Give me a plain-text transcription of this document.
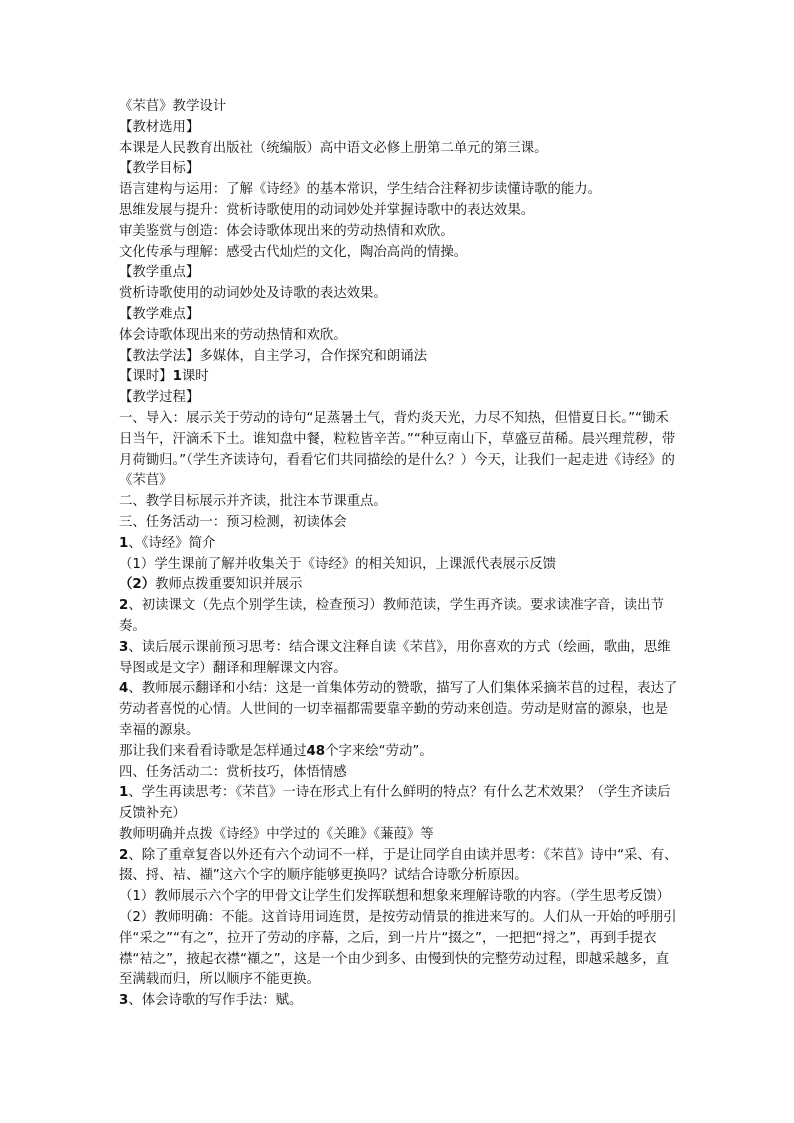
《芣苢》教学设计

【教材选用】

本课是人民教育出版社（统编版）高中语文必修上册第二单元的第三课。

【教学目标】

语言建构与运用：了解《诗经》的基本常识，学生结合注释初步读懂诗歌的能力。

思维发展与提升：赏析诗歌使用的动词妙处并掌握诗歌中的表达效果。

审美鉴赏与创造：体会诗歌体现出来的劳动热情和欢欣。

文化传承与理解：感受古代灿烂的文化，陶冶高尚的情操。

【教学重点】

赏析诗歌使用的动词妙处及诗歌的表达效果。

【教学难点】

体会诗歌体现出来的劳动热情和欢欣。

【教法学法】多媒体，自主学习，合作探究和朗诵法

【课时】1课时

【教学过程】

一、导入：展示关于劳动的诗句“足蒸暑土气，背灼炎天光，力尽不知热，但惜夏日长。”“锄禾日当午，汗滴禾下土。谁知盘中餐，粒粒皆辛苦。”“种豆南山下，草盛豆苗稀。晨兴理荒秽，带月荷锄归。”（学生齐读诗句，看看它们共同描绘的是什么？）今天，让我们一起走进《诗经》的《芣苢》

二、教学目标展示并齐读，批注本节课重点。

三、任务活动一：预习检测，初读体会

1、《诗经》简介

（1）学生课前了解并收集关于《诗经》的相关知识，上课派代表展示反馈

（2）教师点拨重要知识并展示

2、初读课文（先点个别学生读，检查预习）教师范读，学生再齐读。要求读准字音，读出节奏。

3、读后展示课前预习思考：结合课文注释自读《芣苢》，用你喜欢的方式（绘画，歌曲，思维导图或是文字）翻译和理解课文内容。

4、教师展示翻译和小结：这是一首集体劳动的赞歌，描写了人们集体采摘芣苢的过程，表达了劳动者喜悦的心情。人世间的一切幸福都需要靠辛勤的劳动来创造。劳动是财富的源泉，也是幸福的源泉。

那让我们来看看诗歌是怎样通过48个字来绘“劳动”。

四、任务活动二：赏析技巧，体悟情感

1、学生再读思考：《芣苢》一诗在形式上有什么鲜明的特点？有什么艺术效果？（学生齐读后反馈补充）

教师明确并点拨《诗经》中学过的《关雎》《蒹葭》等

2、除了重章复沓以外还有六个动词不一样，于是让同学自由读并思考：《芣苢》诗中“采、有、掇、捋、袺、襭”这六个字的顺序能够更换吗？试结合诗歌分析原因。

（1）教师展示六个字的甲骨文让学生们发挥联想和想象来理解诗歌的内容。（学生思考反馈）

（2）教师明确：不能。这首诗用词连贯，是按劳动情景的推进来写的。人们从一开始的呼朋引伴“采之”“有之”，拉开了劳动的序幕，之后，到一片片“掇之”，一把把“捋之”，再到手提衣襟“袺之”，掖起衣襟“襭之”，这是一个由少到多、由慢到快的完整劳动过程，即越采越多，直至满载而归，所以顺序不能更换。

3、体会诗歌的写作手法：赋。
